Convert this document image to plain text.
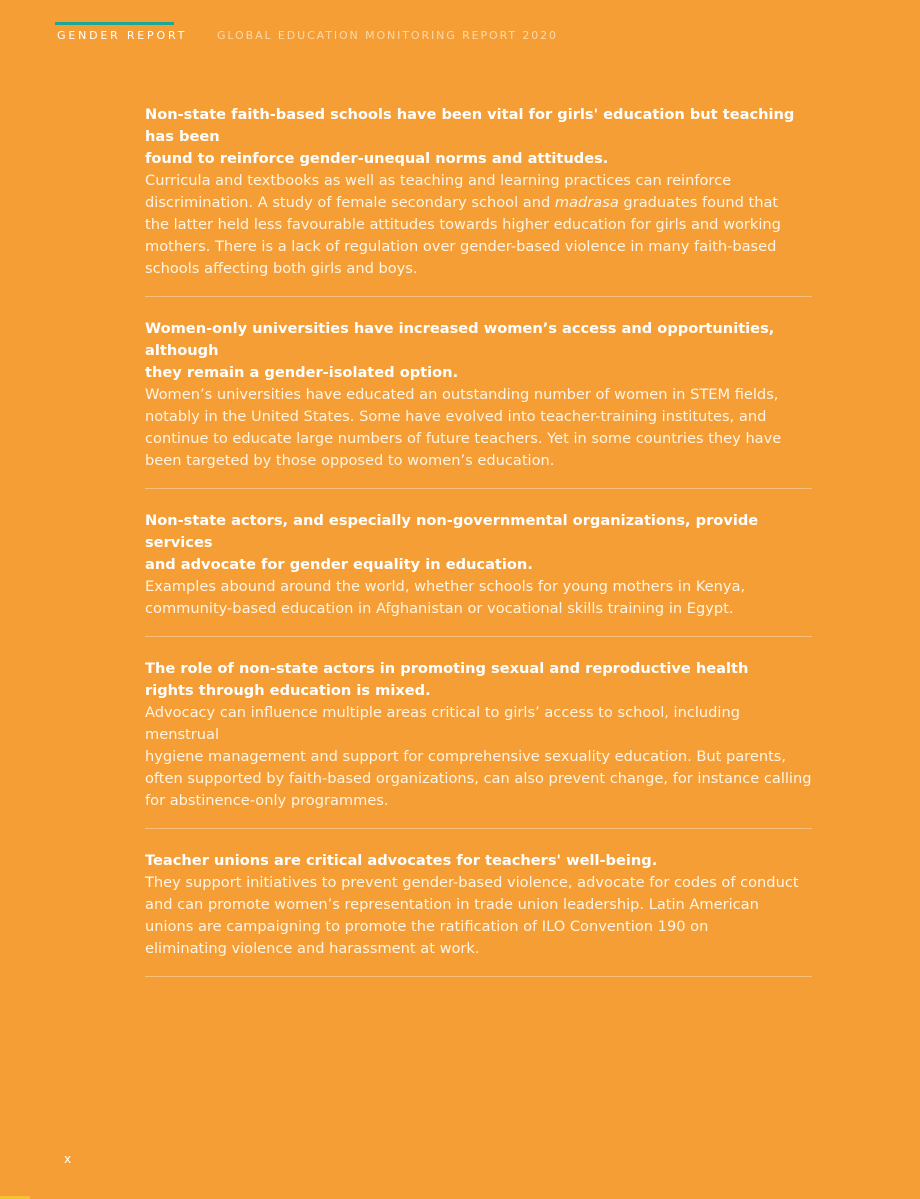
GENDER REPORT	GLOBAL EDUCATION MONITORING REPORT 2020
Non-state faith-based schools have been vital for girls' education but teaching has been
found to reinforce gender-unequal norms and attitudes.

Curricula and textbooks as well as teaching and learning practices can reinforce
discrimination. A study of female secondary school and madrasa graduates found that
the latter held less favourable attitudes towards higher education for girls and working
mothers. There is a lack of regulation over gender-based violence in many faith-based
schools affecting both girls and boys.

Women-only universities have increased women’s access and opportunities, although
they remain a gender-isolated option.

Women’s universities have educated an outstanding number of women in STEM fields,
notably in the United States. Some have evolved into teacher-training institutes, and
continue to educate large numbers of future teachers. Yet in some countries they have
been targeted by those opposed to women’s education.

Non-state actors, and especially non-governmental organizations, provide services
and advocate for gender equality in education.

Examples abound around the world, whether schools for young mothers in Kenya,
community-based education in Afghanistan or vocational skills training in Egypt.

The role of non-state actors in promoting sexual and reproductive health
rights through education is mixed.

Advocacy can influence multiple areas critical to girls’ access to school, including menstrual
hygiene management and support for comprehensive sexuality education. But parents,
often supported by faith-based organizations, can also prevent change, for instance calling
for abstinence-only programmes.

Teacher unions are critical advocates for teachers' well-being.

They support initiatives to prevent gender-based violence, advocate for codes of conduct
and can promote women’s representation in trade union leadership. Latin American
unions are campaigning to promote the ratification of ILO Convention 190 on
eliminating violence and harassment at work.

x
